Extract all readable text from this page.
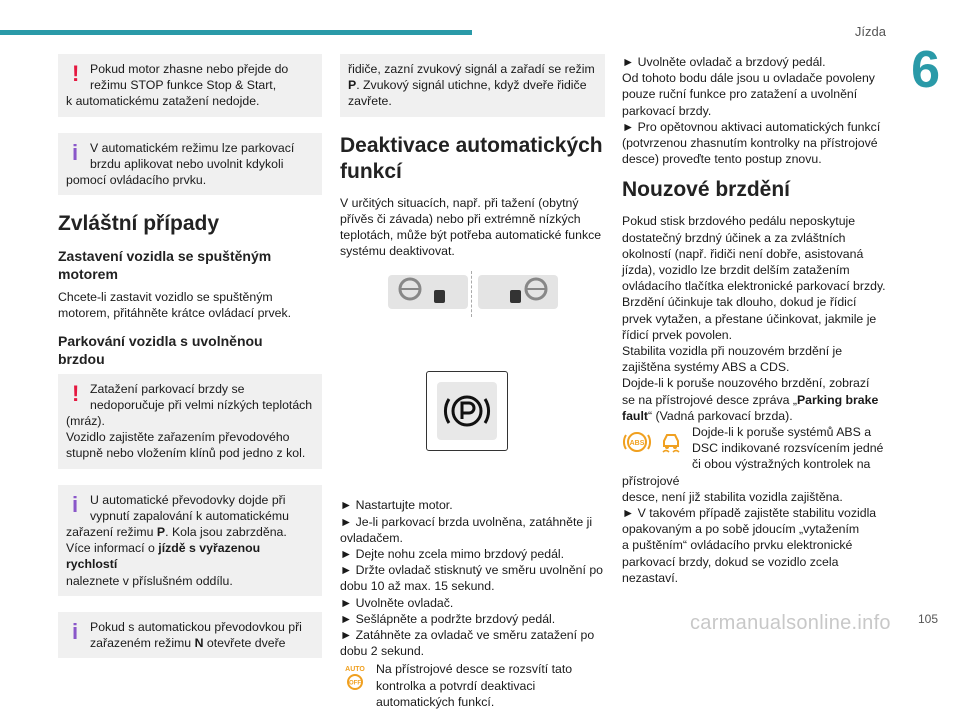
Jízda
6
! Pokud motor zhasne nebo přejde do
režimu STOP funkce Stop & Start,
k automatickému zatažení nedojde.
i V automatickém režimu lze parkovací
brzdu aplikovat nebo uvolnit kdykoli
pomocí ovládacího prvku.
Zvláštní případy
Zastavení vozidla se spuštěným
motorem

Chcete-li zastavit vozidlo se spuštěným
motorem, přitáhněte krátce ovládací prvek.

Parkování vozidla s uvolněnou
brzdou
! Zatažení parkovací brzdy se
nedoporučuje při velmi nízkých teplotách
(mráz).
Vozidlo zajistěte zařazením převodového
stupně nebo vložením klínů pod jedno z kol.
i U automatické převodovky dojde při
vypnutí zapalování k automatickému
zařazení režimu P. Kola jsou zabrzděna.
Více informací o jízdě s vyřazenou rychlostí
naleznete v příslušném oddílu.
i Pokud s automatickou převodovkou při
zařazeném režimu N otevřete dveře
řidiče, zazní zvukový signál a zařadí se režim
P. Zvukový signál utichne, když dveře řidiče
zavřete.
Deaktivace automatických
funkcí

V určitých situacích, např. při tažení (obytný
přívěs či závada) nebo při extrémně nízkých
teplotách, může být potřeba automatické funkce
systému deaktivovat.

► Nastartujte motor.
► Je-li parkovací brzda uvolněna, zatáhněte ji
ovladačem.
► Dejte nohu zcela mimo brzdový pedál.
► Držte ovladač stisknutý ve směru uvolnění po
dobu 10 až max. 15 sekund.
► Uvolněte ovladač.
► Sešlápněte a podržte brzdový pedál.
► Zatáhněte za ovladač ve směru zatažení po
dobu 2 sekund.

AUTO
OFF
Na přístrojové desce se rozsvítí tato
kontrolka a potvrdí deaktivaci
automatických funkcí.

► Uvolněte ovladač a brzdový pedál.
Od tohoto bodu dále jsou u ovladače povoleny
pouze ruční funkce pro zatažení a uvolnění
parkovací brzdy.
► Pro opětovnou aktivaci automatických funkcí
(potvrzenou zhasnutím kontrolky na přístrojové
desce) proveďte tento postup znovu.

Nouzové brzdění

Pokud stisk brzdového pedálu neposkytuje
dostatečný brzdný účinek a za zvláštních
okolností (např. řidiči není dobře, asistovaná
jízda), vozidlo lze brzdit delším zatažením
ovládacího tlačítka elektronické parkovací brzdy.
Brzdění účinkuje tak dlouho, dokud je řídicí
prvek vytažen, a přestane účinkovat, jakmile je
řídicí prvek povolen.
Stabilita vozidla při nouzovém brzdění je
zajištěna systémy ABS a CDS.
Dojde-li k poruše nouzového brzdění, zobrazí
se na přístrojové desce zpráva „Parking brake
fault“ (Vadná parkovací brzda).

ABS
Dojde-li k poruše systémů ABS a
DSC indikované rozsvícením jedné
či obou výstražných kontrolek na přístrojové
desce, není již stabilita vozidla zajištěna.
► V takovém případě zajistěte stabilitu vozidla
opakovaným a po sobě jdoucím „vytažením
a puštěním“ ovládacího prvku elektronické
parkovací brzdy, dokud se vozidlo zcela
nezastaví.
carmanualsonline.info 105
